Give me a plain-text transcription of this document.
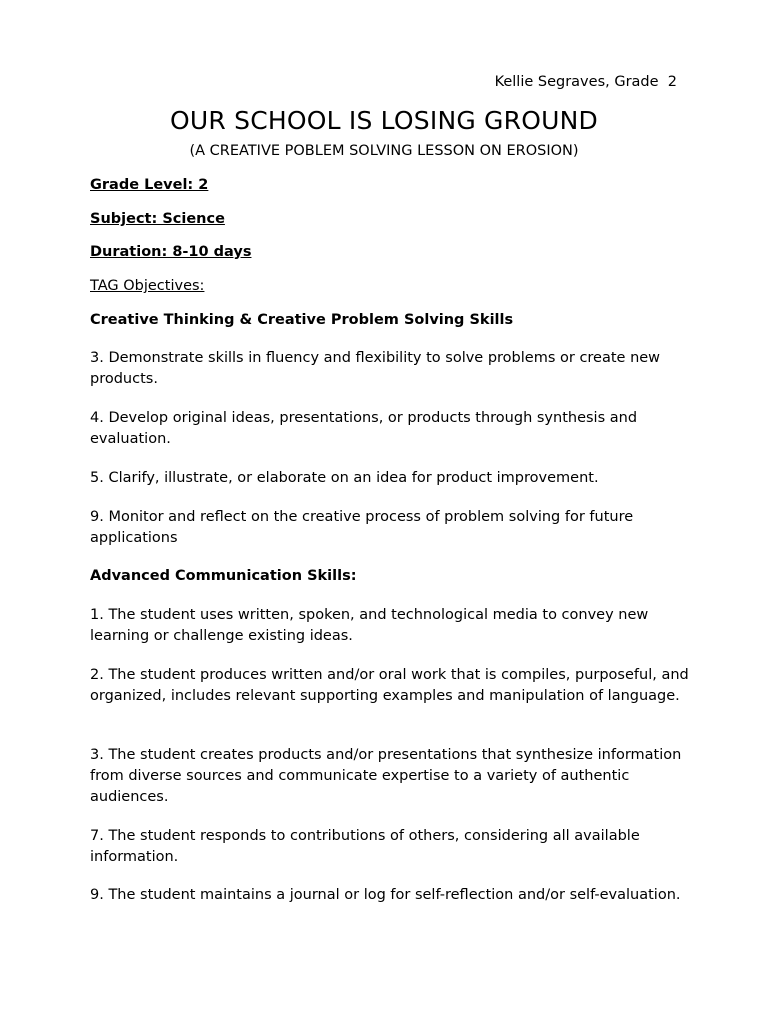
Kellie Segraves, Grade  2
OUR SCHOOL IS LOSING GROUND
(A CREATIVE POBLEM SOLVING LESSON ON EROSION)
Grade Level: 2
Subject: Science
Duration: 8-10 days
TAG Objectives:
Creative Thinking & Creative Problem Solving Skills
3. Demonstrate skills in fluency and flexibility to solve problems or create new products.
4. Develop original ideas, presentations, or products through synthesis and evaluation.
5. Clarify, illustrate, or elaborate on an idea for product improvement.
9. Monitor and reflect on the creative process of problem solving for future applications
Advanced Communication Skills:
1. The student uses written, spoken, and technological media to convey new learning or challenge existing ideas.
2. The student produces written and/or oral work that is compiles, purposeful, and organized, includes relevant supporting examples and manipulation of language.
3. The student creates products and/or presentations that synthesize information from diverse sources and communicate expertise to a variety of authentic audiences.
7. The student responds to contributions of others, considering all available information.
9. The student maintains a journal or log for self-reflection and/or self-evaluation.
